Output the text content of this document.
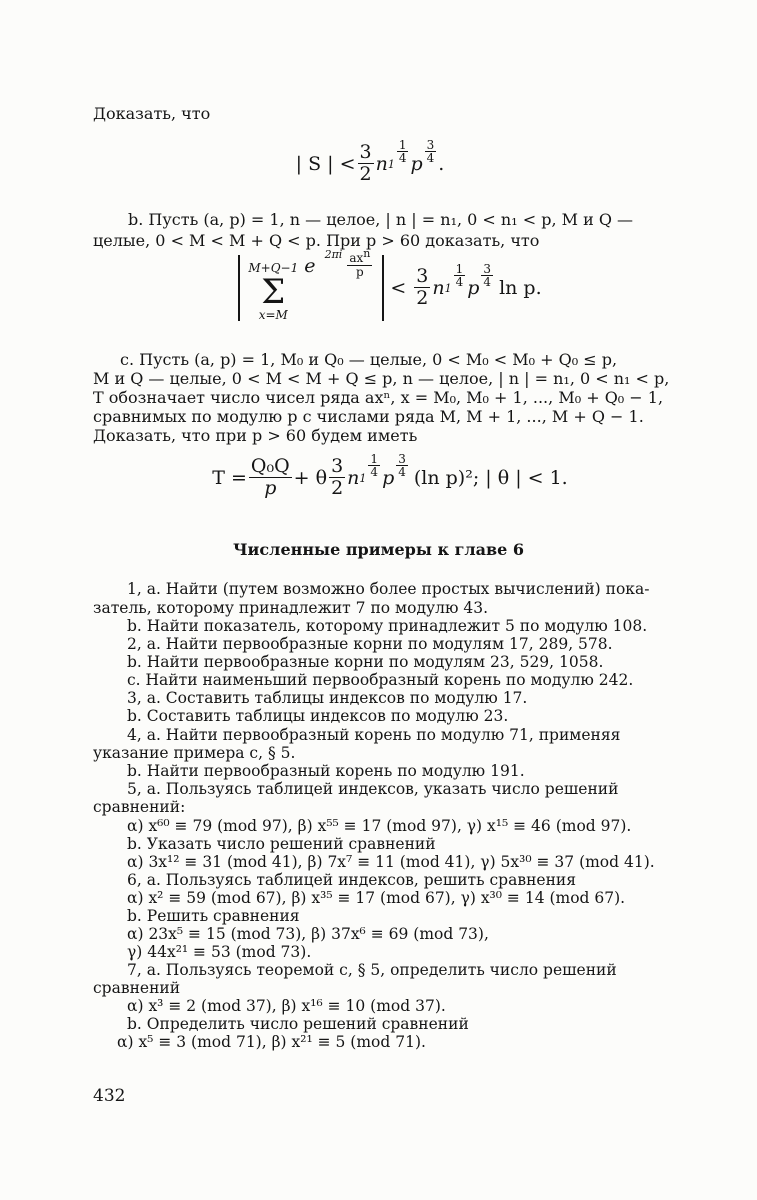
Доказать, что
| S | < $\frac{3}{2}$ n $1 \frac{1}{4}$ p $\frac{3}{4}$ .
b. Пусть (a, p) = 1, n — целое, | n | = n₁, 0 < n₁ < p, M и Q —
целые, 0 < M < M + Q < p. При p > 60 доказать, что
M+Q−1
Σ
x=M
e
$2\pi i \frac{ax^n}{p}$
< $\frac{3}{2}$ n $1 \frac{1}{4}$ p $\frac{3}{4}$ ln p.
c. Пусть (a, p) = 1, M₀ и Q₀ — целые, 0 < M₀ < M₀ + Q₀ ≤ p,
M и Q — целые, 0 < M < M + Q ≤ p, n — целое, | n | = n₁, 0 < n₁ < p,
T обозначает число чисел ряда axⁿ, x = M₀, M₀ + 1, ..., M₀ + Q₀ − 1,
сравнимых по модулю p с числами ряда M, M + 1, ..., M + Q − 1.
Доказать, что при p > 60 будем иметь
$T = \frac{\text{Q₀Q}}{p} + \theta \frac{3}{2}$ n $1 \frac{1}{4}$ p $\frac{3}{4} (\ln$ p)²; | θ | < 1.
Численные примеры к главе 6
1, a. Найти (путем возможно более простых вычислений) пока-
затель, которому принадлежит 7 по модулю 43.
b. Найти показатель, которому принадлежит 5 по модулю 108.
2, a. Найти первообразные корни по модулям 17, 289, 578.
b. Найти первообразные корни по модулям 23, 529, 1058.
c. Найти наименьший первообразный корень по модулю 242.
3, a. Составить таблицы индексов по модулю 17.
b. Составить таблицы индексов по модулю 23.
4, a. Найти первообразный корень по модулю 71, применяя
указание примера c, § 5.
b. Найти первообразный корень по модулю 191.
5, a. Пользуясь таблицей индексов, указать число решений
сравнений:
α) x⁶⁰ ≡ 79 (mod 97), β) x⁵⁵ ≡ 17 (mod 97), γ) x¹⁵ ≡ 46 (mod 97).
b. Указать число решений сравнений
α) 3x¹² ≡ 31 (mod 41), β) 7x⁷ ≡ 11 (mod 41), γ) 5x³⁰ ≡ 37 (mod 41).
6, a. Пользуясь таблицей индексов, решить сравнения
α) x² ≡ 59 (mod 67), β) x³⁵ ≡ 17 (mod 67), γ) x³⁰ ≡ 14 (mod 67).
b. Решить сравнения
α) 23x⁵ ≡ 15 (mod 73), β) 37x⁶ ≡ 69 (mod 73),
γ) 44x²¹ ≡ 53 (mod 73).
7, a. Пользуясь теоремой c, § 5, определить число решений
сравнений
α) x³ ≡ 2 (mod 37), β) x¹⁶ ≡ 10 (mod 37).
b. Определить число решений сравнений
α) x⁵ ≡ 3 (mod 71), β) x²¹ ≡ 5 (mod 71).
432
